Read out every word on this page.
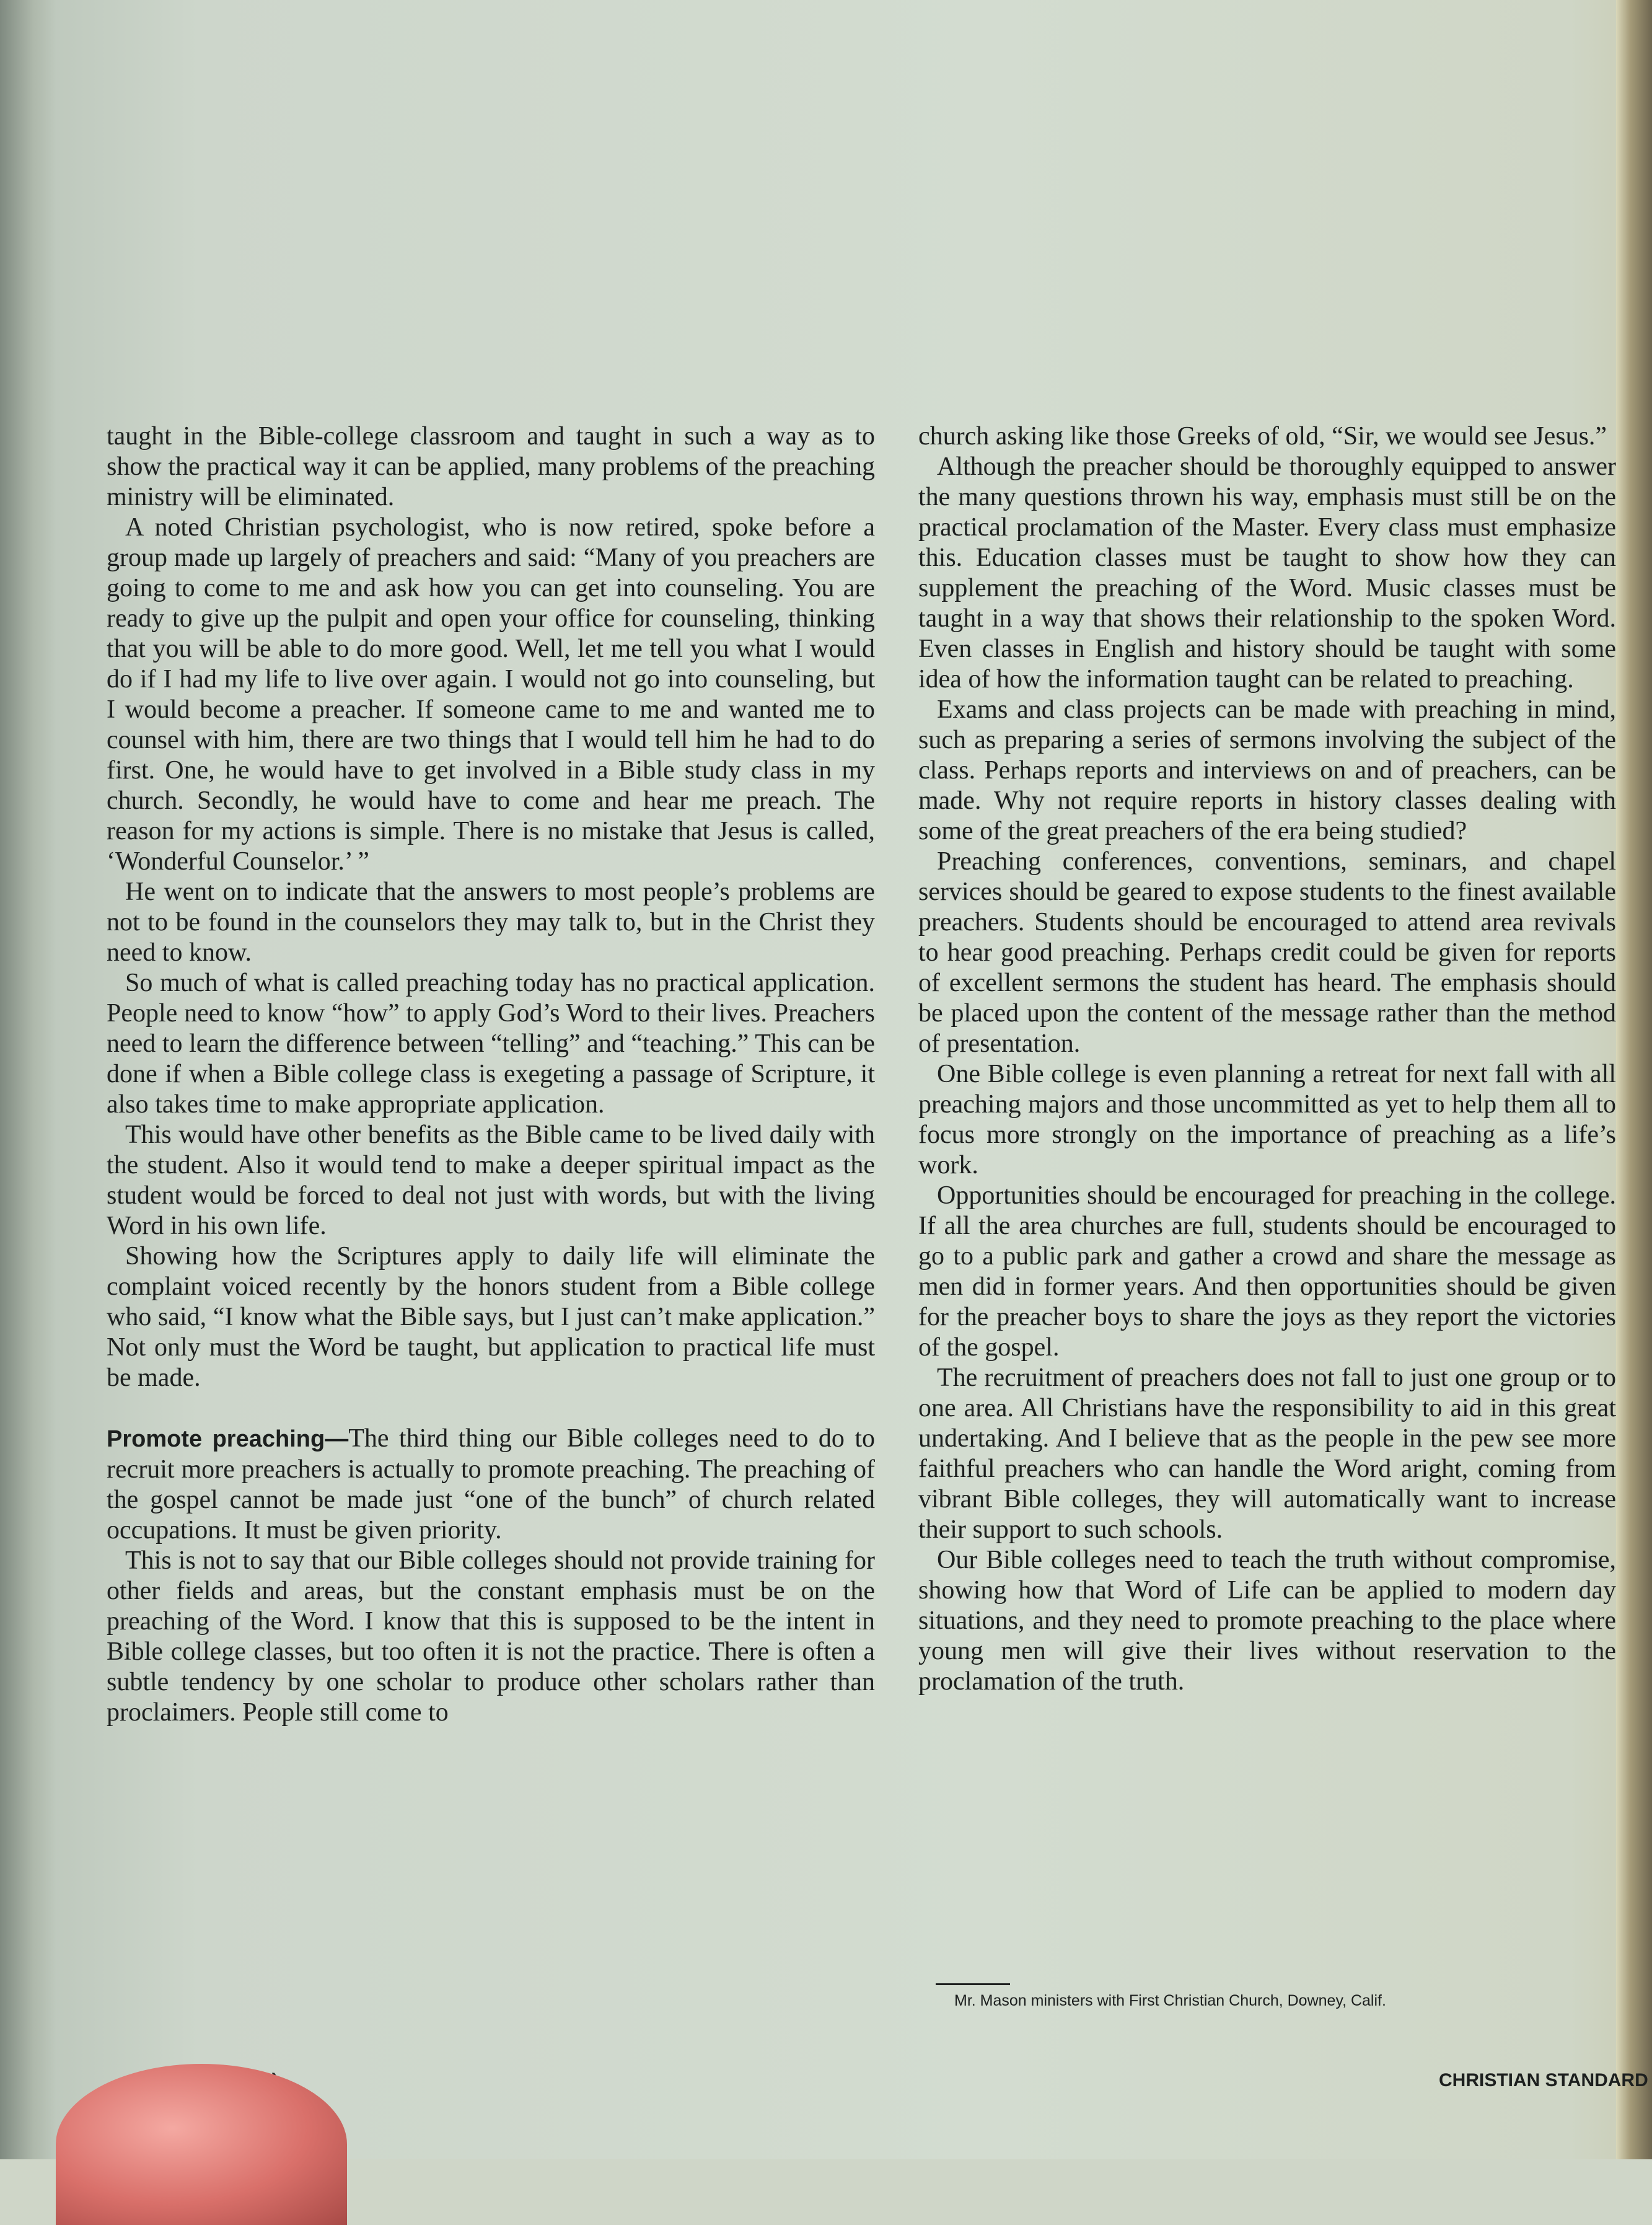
taught in the Bible-college classroom and taught in such a way as to show the practical way it can be applied, many problems of the preaching ministry will be eliminated.

A noted Christian psychologist, who is now retired, spoke before a group made up largely of preachers and said: “Many of you preachers are going to come to me and ask how you can get into counseling. You are ready to give up the pulpit and open your office for counseling, thinking that you will be able to do more good. Well, let me tell you what I would do if I had my life to live over again. I would not go into counseling, but I would become a preacher. If someone came to me and wanted me to counsel with him, there are two things that I would tell him he had to do first. One, he would have to get involved in a Bible study class in my church. Secondly, he would have to come and hear me preach. The reason for my actions is simple. There is no mistake that Jesus is called, ‘Wonderful Counselor.’ ”

He went on to indicate that the answers to most people’s problems are not to be found in the counselors they may talk to, but in the Christ they need to know.

So much of what is called preaching today has no practical application. People need to know “how” to apply God’s Word to their lives. Preachers need to learn the difference between “telling” and “teaching.” This can be done if when a Bible college class is exegeting a passage of Scripture, it also takes time to make appropriate application.

This would have other benefits as the Bible came to be lived daily with the student. Also it would tend to make a deeper spiritual impact as the student would be forced to deal not just with words, but with the living Word in his own life.

Showing how the Scriptures apply to daily life will eliminate the complaint voiced recently by the honors student from a Bible college who said, “I know what the Bible says, but I just can’t make application.” Not only must the Word be taught, but application to practical life must be made.

Promote preaching—The third thing our Bible colleges need to do to recruit more preachers is actually to promote preaching. The preaching of the gospel cannot be made just “one of the bunch” of church related occupations. It must be given priority.

This is not to say that our Bible colleges should not provide training for other fields and areas, but the constant emphasis must be on the preaching of the Word. I know that this is supposed to be the intent in Bible college classes, but too often it is not the practice. There is often a subtle tendency by one scholar to produce other scholars rather than proclaimers. People still come to

church asking like those Greeks of old, “Sir, we would see Jesus.”

Although the preacher should be thoroughly equipped to answer the many questions thrown his way, emphasis must still be on the practical proclamation of the Master. Every class must emphasize this. Education classes must be taught to show how they can supplement the preaching of the Word. Music classes must be taught in a way that shows their relationship to the spoken Word. Even classes in English and history should be taught with some idea of how the information taught can be related to preaching.

Exams and class projects can be made with preaching in mind, such as preparing a series of sermons involving the subject of the class. Perhaps reports and interviews on and of preachers, can be made. Why not require reports in history classes dealing with some of the great preachers of the era being studied?

Preaching conferences, conventions, seminars, and chapel services should be geared to expose students to the finest available preachers. Students should be encouraged to attend area revivals to hear good preaching. Perhaps credit could be given for reports of excellent sermons the student has heard. The emphasis should be placed upon the content of the message rather than the method of presentation.

One Bible college is even planning a retreat for next fall with all preaching majors and those uncommitted as yet to help them all to focus more strongly on the importance of preaching as a life’s work.

Opportunities should be encouraged for preaching in the college. If all the area churches are full, students should be encouraged to go to a public park and gather a crowd and share the message as men did in former years. And then opportunities should be given for the preacher boys to share the joys as they report the victories of the gospel.

The recruitment of preachers does not fall to just one group or to one area. All Christians have the responsibility to aid in this great undertaking. And I believe that as the people in the pew see more faithful preachers who can handle the Word aright, coming from vibrant Bible colleges, they will automatically want to increase their support to such schools.

Our Bible colleges need to teach the truth without compromise, showing how that Word of Life can be applied to modern day situations, and they need to promote preaching to the place where young men will give their lives without reservation to the proclamation of the truth.

Mr. Mason ministers with First Christian Church, Downey, Calif.
CHRISTIAN STANDARD
